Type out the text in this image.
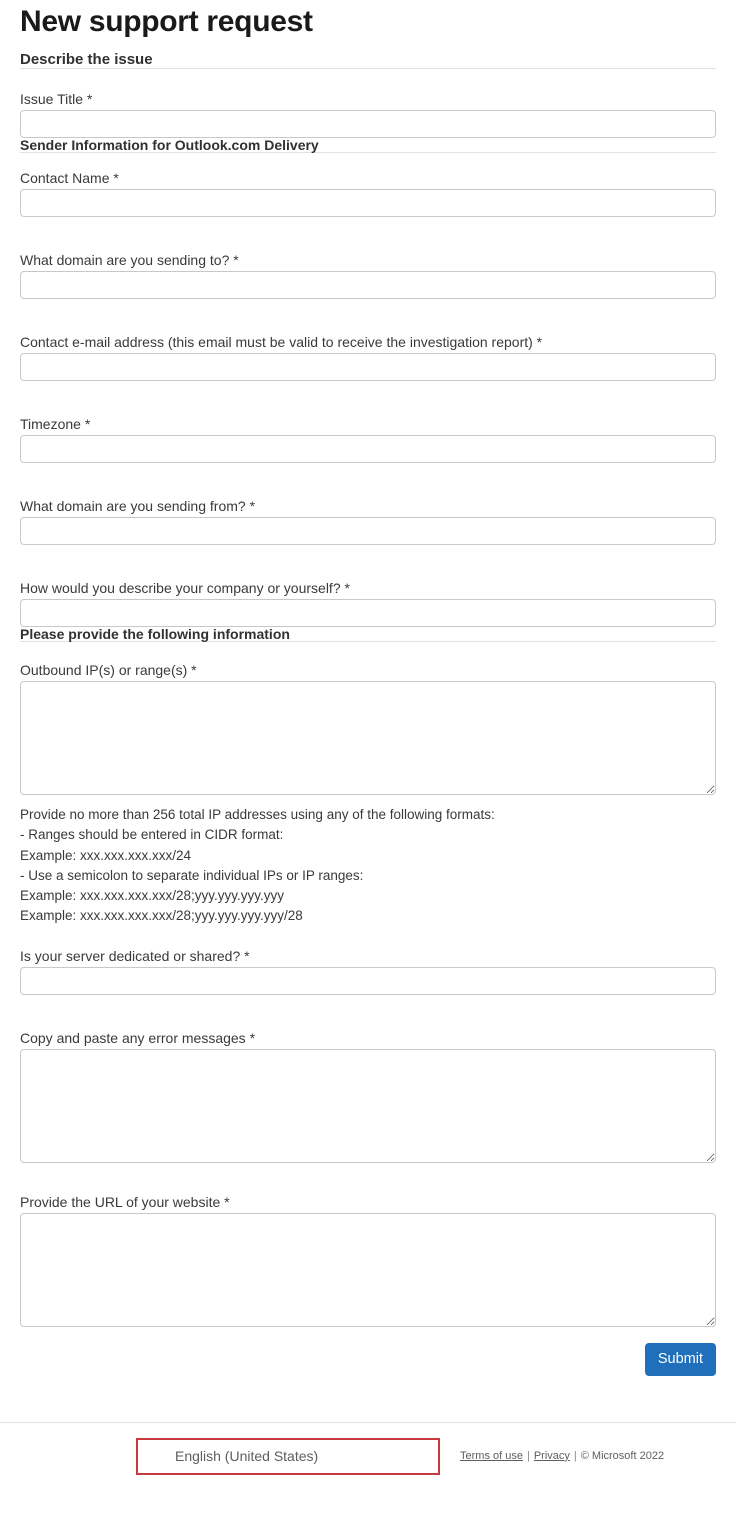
New support request
Describe the issue
Issue Title *
Sender Information for Outlook.com Delivery
Contact Name *
What domain are you sending to? *
Contact e-mail address (this email must be valid to receive the investigation report) *
Timezone *
What domain are you sending from? *
How would you describe your company or yourself? *
Please provide the following information
Outbound IP(s) or range(s) *
Provide no more than 256 total IP addresses using any of the following formats:
- Ranges should be entered in CIDR format:
Example: xxx.xxx.xxx.xxx/24
- Use a semicolon to separate individual IPs or IP ranges:
Example: xxx.xxx.xxx.xxx/28;yyy.yyy.yyy.yyy
Example: xxx.xxx.xxx.xxx/28;yyy.yyy.yyy.yyy/28
Is your server dedicated or shared? *
Copy and paste any error messages *
Provide the URL of your website *
Submit
English (United States)	Terms of use | Privacy | © Microsoft 2022
